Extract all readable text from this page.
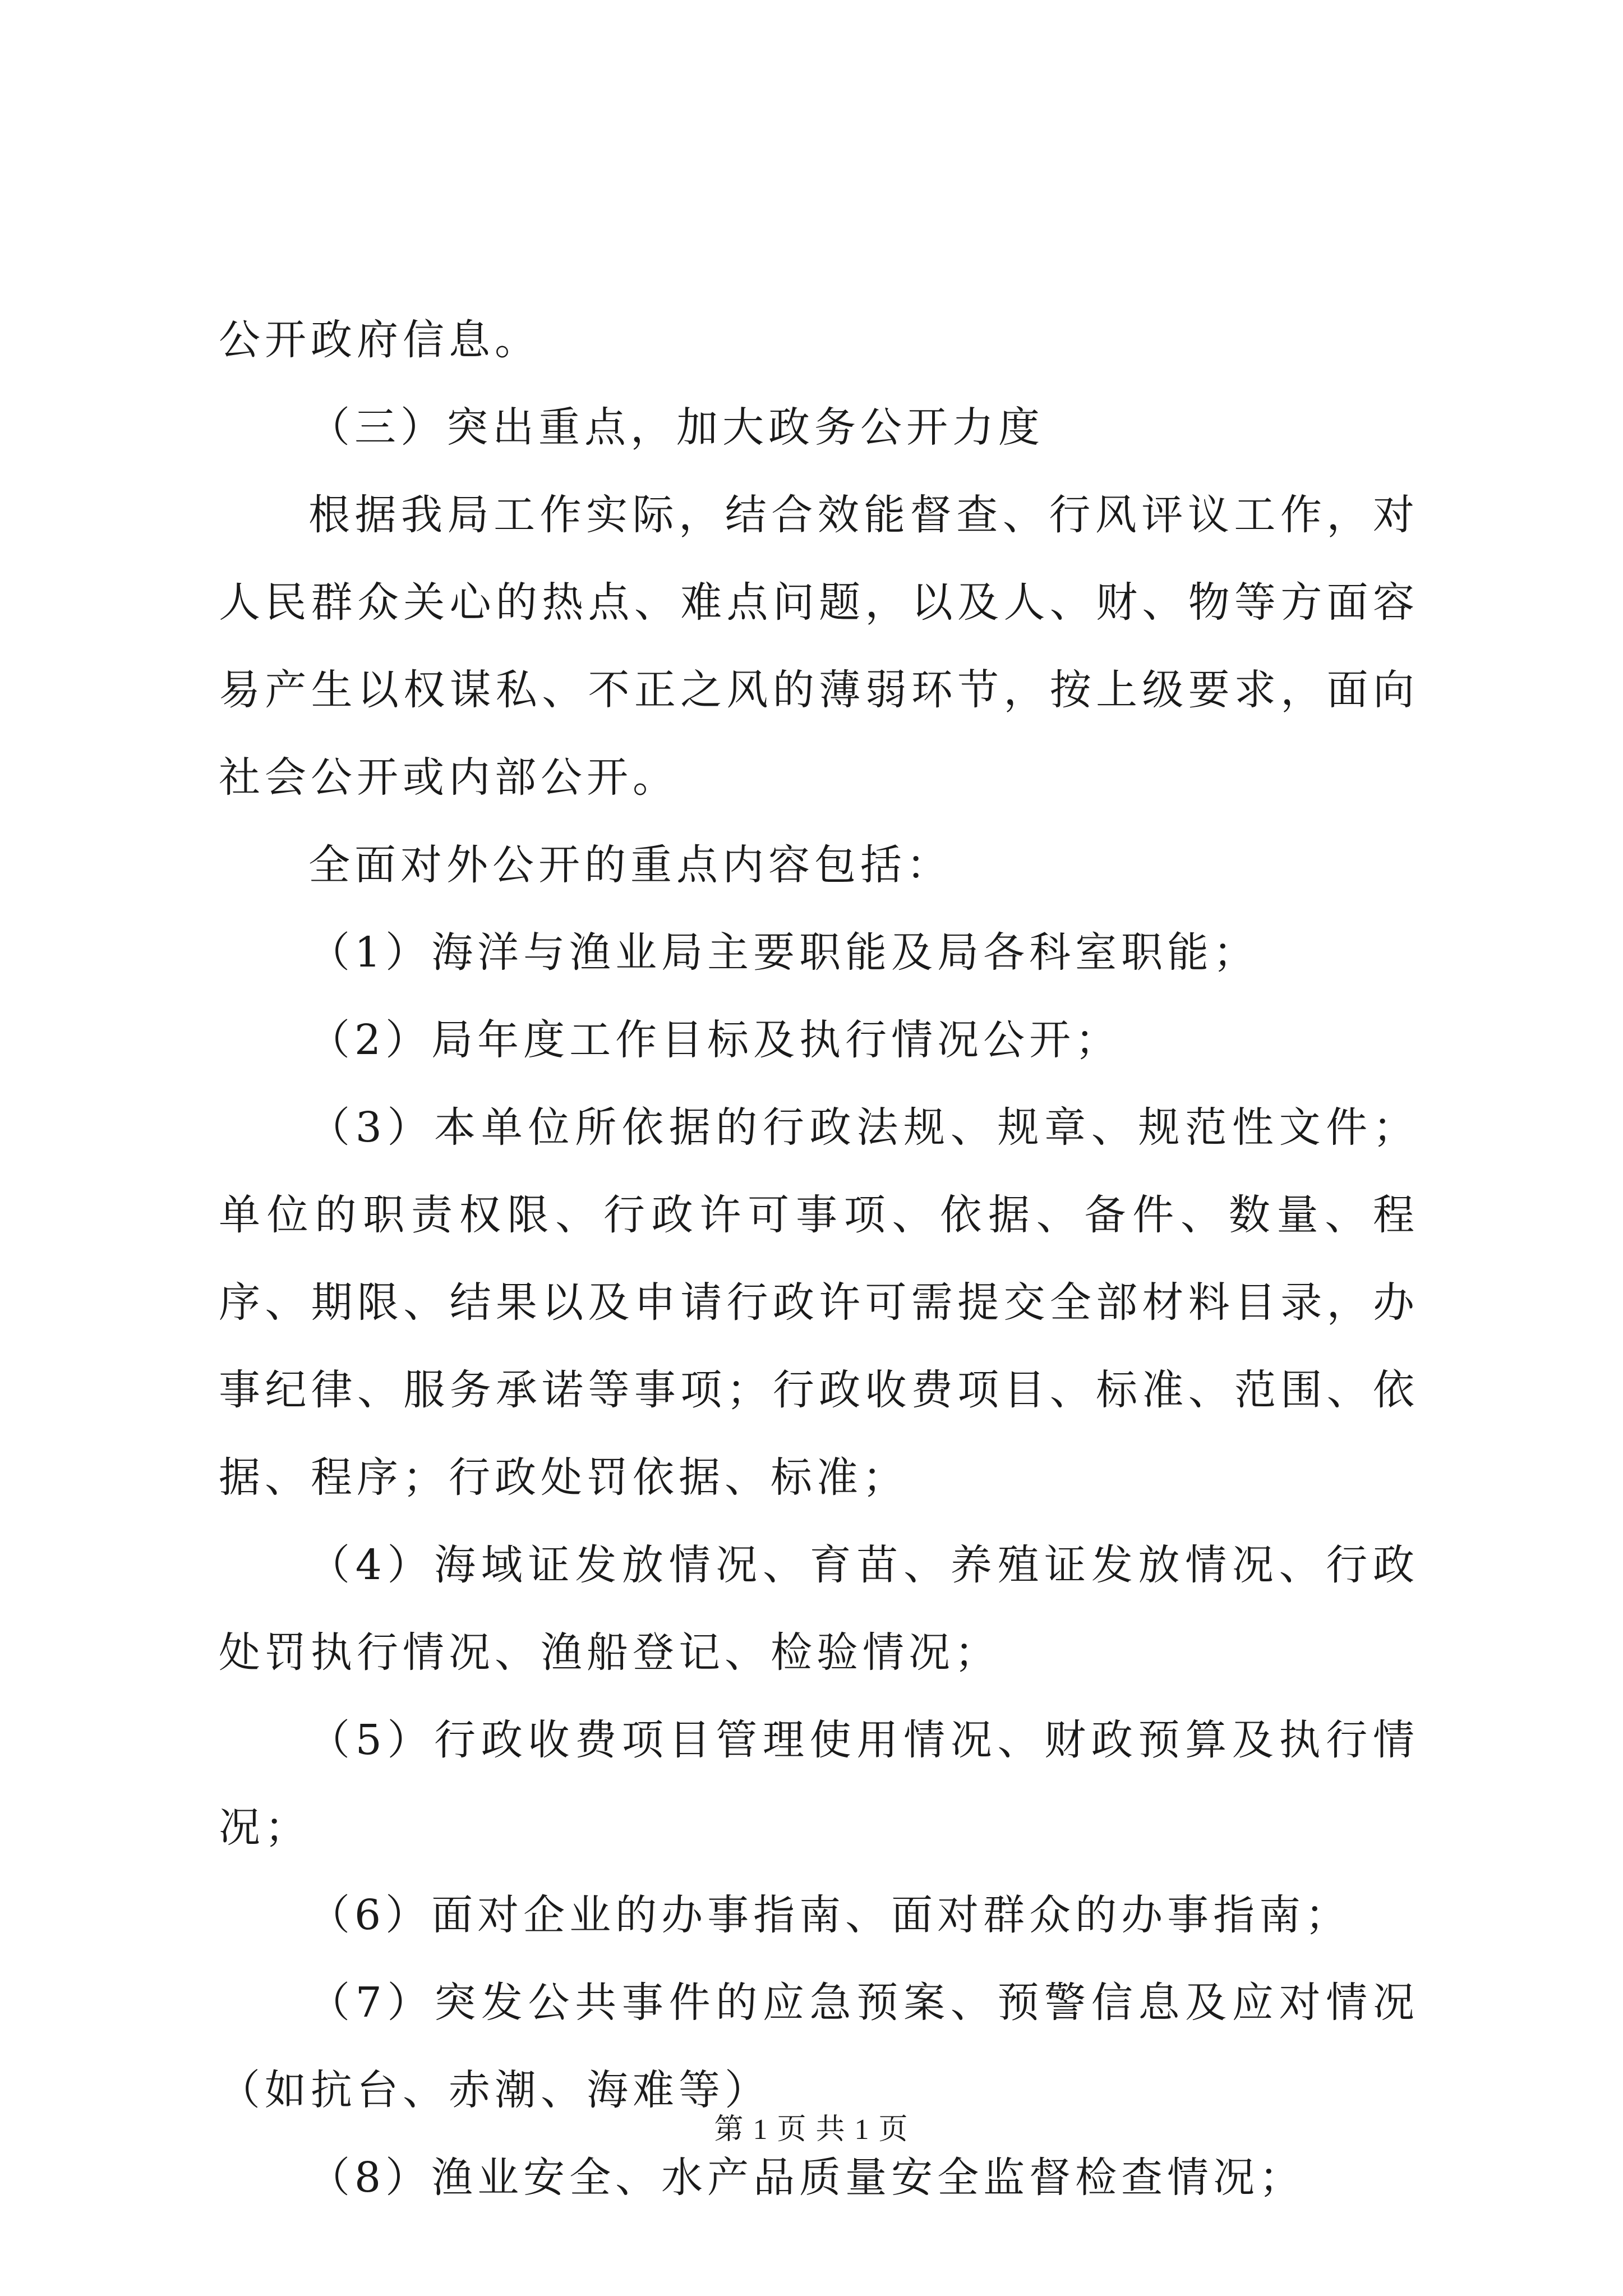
公开政府信息。

（三）突出重点，加大政务公开力度

根据我局工作实际，结合效能督查、行风评议工作，对人民群众关心的热点、难点问题，以及人、财、物等方面容易产生以权谋私、不正之风的薄弱环节，按上级要求，面向社会公开或内部公开。

全面对外公开的重点内容包括：

（1）海洋与渔业局主要职能及局各科室职能；

（2）局年度工作目标及执行情况公开；

（3）本单位所依据的行政法规、规章、规范性文件；单位的职责权限、行政许可事项、依据、备件、数量、程序、期限、结果以及申请行政许可需提交全部材料目录，办事纪律、服务承诺等事项；行政收费项目、标准、范围、依据、程序；行政处罚依据、标准；

（4）海域证发放情况、育苗、养殖证发放情况、行政处罚执行情况、渔船登记、检验情况；

（5）行政收费项目管理使用情况、财政预算及执行情况；

（6）面对企业的办事指南、面对群众的办事指南；

（7）突发公共事件的应急预案、预警信息及应对情况（如抗台、赤潮、海难等）

（8）渔业安全、水产品质量安全监督检查情况；

第 1 页 共 1 页
